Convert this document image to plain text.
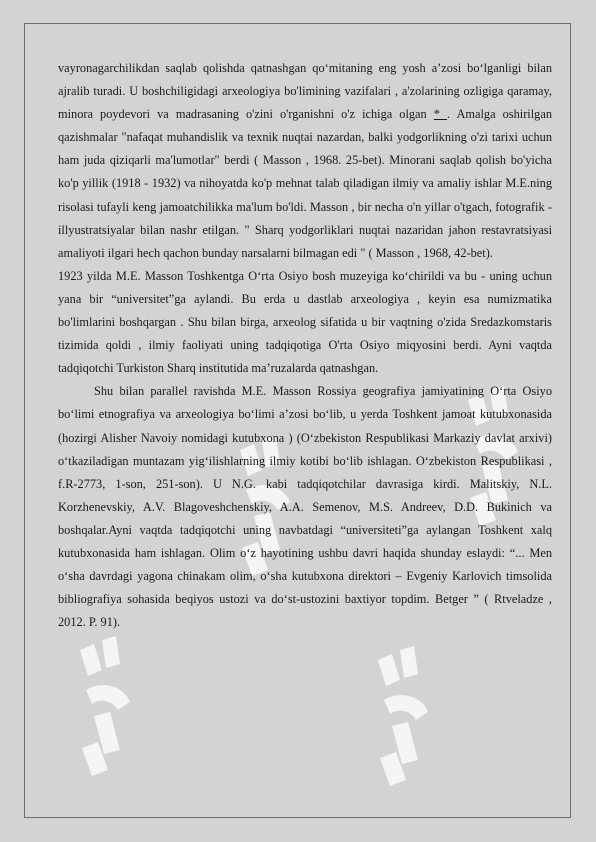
vayronagarchilikdan saqlab qolishda qatnashgan qo‘mitaning eng yosh a’zosi bo‘lganligi bilan ajralib turadi. U boshchiligidagi arxeologiya bo'limining vazifalari , a'zolarining ozligiga qaramay, minora poydevori va madrasaning o'zini o'rganishni o'z ichiga olgan * . Amalga oshirilgan qazishmalar "nafaqat muhandislik va texnik nuqtai nazardan, balki yodgorlikning o'zi tarixi uchun ham juda qiziqarli ma'lumotlar" berdi ( Masson , 1968. 25-bet). Minorani saqlab qolish bo'yicha ko'p yillik (1918 - 1932) va nihoyatda ko'p mehnat talab qiladigan ilmiy va amaliy ishlar M.E.ning risolasi tufayli keng jamoatchilikka ma'lum bo'ldi. Masson , bir necha o'n yillar o'tgach, fotografik - illyustratsiyalar bilan nashr etilgan. " Sharq yodgorliklari nuqtai nazaridan jahon restavratsiyasi amaliyoti ilgari hech qachon bunday narsalarni bilmagan edi " ( Masson , 1968, 42-bet).

1923 yilda M.E. Masson Toshkentga O‘rta Osiyo bosh muzeyiga ko‘chirildi va bu - uning uchun yana bir “universitet”ga aylandi. Bu erda u dastlab arxeologiya , keyin esa numizmatika bo'limlarini boshqargan . Shu bilan birga, arxeolog sifatida u bir vaqtning o'zida Sredazkomstaris tizimida qoldi , ilmiy faoliyati uning tadqiqotiga O'rta Osiyo miqyosini berdi. Ayni vaqtda tadqiqotchi Turkiston Sharq institutida ma’ruzalarda qatnashgan.

Shu bilan parallel ravishda M.E. Masson Rossiya geografiya jamiyatining O‘rta Osiyo bo‘limi etnografiya va arxeologiya bo‘limi a’zosi bo‘lib, u yerda Toshkent jamoat kutubxonasida (hozirgi Alisher Navoiy nomidagi kutubxona ) (O‘zbekiston Respublikasi Markaziy davlat arxivi) o‘tkaziladigan muntazam yig‘ilishlarning ilmiy kotibi bo‘lib ishlagan. O‘zbekiston Respublikasi , f.R-2773, 1-son, 251-son). U N.G. kabi tadqiqotchilar davrasiga kirdi. Malitskiy, N.L. Korzhenevskiy, A.V. Blagoveshchenskiy, A.A. Semenov, M.S. Andreev, D.D. Bukinich va boshqalar.Ayni vaqtda tadqiqotchi uning navbatdagi “universiteti”ga aylangan Toshkent xalq kutubxonasida ham ishlagan. Olim o‘z hayotining ushbu davri haqida shunday eslaydi: “... Men o‘sha davrdagi yagona chinakam olim, o‘sha kutubxona direktori – Evgeniy Karlovich timsolida bibliografiya sohasida beqiyos ustozi va do‘st-ustozini baxtiyor topdim. Betger ” ( Rtveladze , 2012. P. 91).
